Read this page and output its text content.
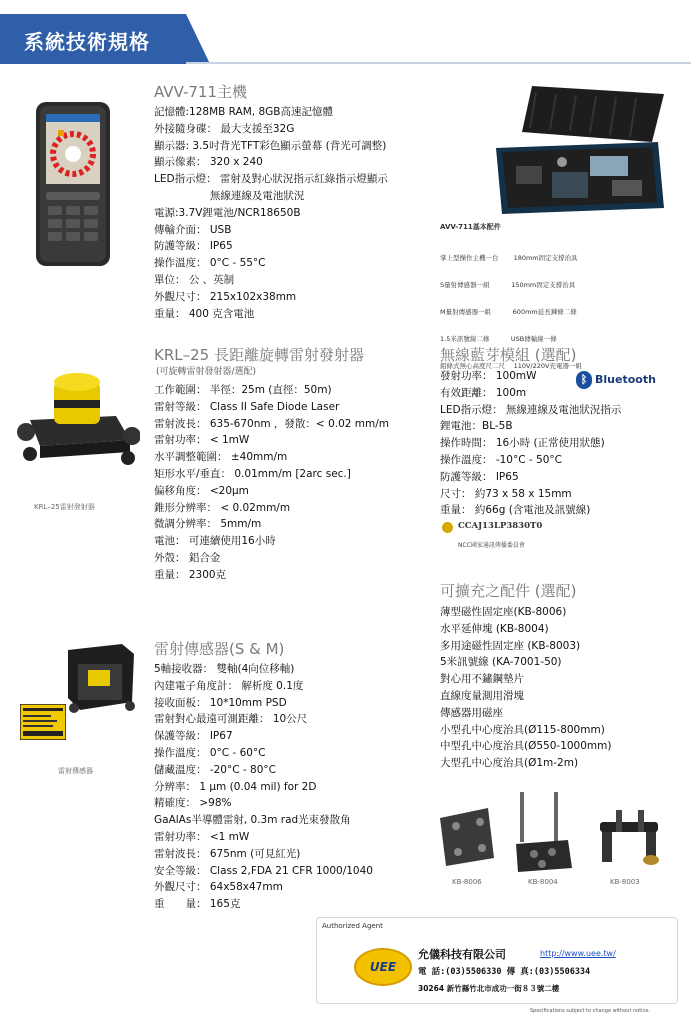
系統技術規格
AVV-711主機
記憶體:128MB RAM, 8GB高速記憶體
外接隨身碟： 最大支援至32G
顯示器: 3.5吋背光TFT彩色顯示螢幕 (背光可調整)
顯示像素： 320 x 240
LED指示燈： 雷射及對心狀況指示紅綠指示燈顯示
　　　　　 無線連線及電池狀況
電源:3.7V鋰電池/NCR18650B
傳輸介面： USB
防護等級： IP65
操作溫度： 0°C - 55°C
單位： 公 、英制
外觀尺寸： 215x102x38mm
重量： 400 克含電池
AVV-711基本配件

掌上型操作主機一台　　 180mm固定支撐治具

S量射傳感器一組　　　 150mm固定支撐治具

M量射傳感器一組　　　 600mm延長鍊條二條

1.5米訊號線二條　　　 USB傳輸線一條

鋁條式無心高度尺二尺　 110V/220V充電器一組

KRL–25雷射發射器
KRL–25 長距離旋轉雷射發射器
(可旋轉雷射發射器/選配)
工作範圍： 半徑：25m (直徑：50m)
雷射等級： Class II Safe Diode Laser
雷射波長： 635-670nm ，發散：< 0.02 mm/m
雷射功率： < 1mW
水平調整範圍： ±40mm/m
矩形水平/垂直： 0.01mm/m [2arc sec.]
偏移角度： <20μm
錐形分辨率： < 0.02mm/m
微調分辨率： 5mm/m
電池： 可連續使用16小時
外殼： 鋁合金
重量： 2300克
無線藍芽模組 (選配)
ᛒ Bluetooth
發射功率： 100mW
有效距離： 100m
LED指示燈： 無線連線及電池狀況指示
鋰電池：BL-5B
操作時間： 16小時 (正常使用狀態)
操作溫度： -10°C - 50°C
防護等級： IP65
尺寸： 約73 x 58 x 15mm
重量： 約66g (含電池及訊號線)
CCAJ13LP3830T0
NCC國家通訊傳播委員會
可擴充之配件 (選配)
薄型磁性固定座(KB-8006)
水平延伸塊 (KB-8004)
多用途磁性固定座 (KB-8003)
5米訊號線 (KA-7001-50)
對心用不鏽鋼墊片
直線度量測用滑塊
傳感器用磁座
小型孔中心度治具(Ø115-800mm)
中型孔中心度治具(Ø550-1000mm)
大型孔中心度治具(Ø1m-2m)
KB-8006	KB-8004	KB-8003
雷射傳感器
雷射傳感器(S & M)
5軸接收器： 雙軸(4向位移軸)
內建電子角度計： 解析度 0.1度
接收面板： 10*10mm PSD
雷射對心最遠可測距離： 10公尺
保護等級： IP67
操作溫度： 0°C - 60°C
儲藏溫度： -20°C - 80°C
分辨率： 1 μm (0.04 mil) for 2D
精確度： >98%
GaAlAs半導體雷射, 0.3m rad光束發散角
雷射功率： <1 mW
雷射波長： 675nm (可見紅光)
安全等級： Class 2,FDA 21 CFR 1000/1040
外觀尺寸： 64x58x47mm
重　　量： 165克
Authorized Agent
UEE
允儀科技有限公司	http://www.uee.tw/
電 話:(03)5506330 傳 真:(03)5506334
30264 新竹縣竹北市成功一街８３號二樓
Specifications subject to change without notice.
